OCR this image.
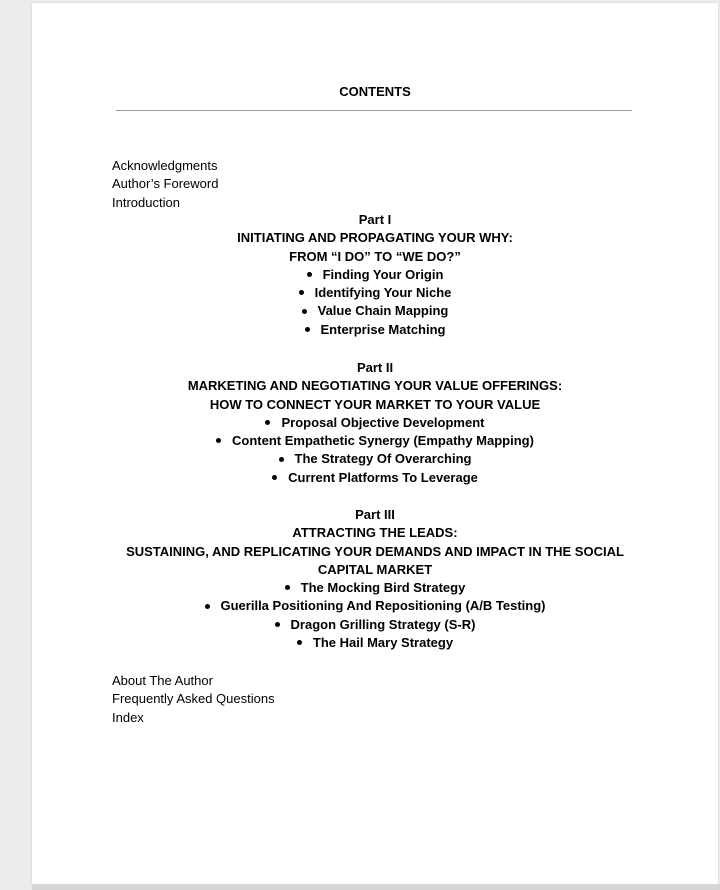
CONTENTS
Acknowledgments
Author’s Foreword
Introduction
Part I
INITIATING AND PROPAGATING YOUR WHY:
FROM “I DO” TO “WE DO?”
Finding Your Origin
Identifying Your Niche
Value Chain Mapping
Enterprise Matching
Part II
MARKETING AND NEGOTIATING YOUR VALUE OFFERINGS:
HOW TO CONNECT YOUR MARKET TO YOUR VALUE
Proposal Objective Development
Content Empathetic Synergy (Empathy Mapping)
The Strategy Of Overarching
Current Platforms To Leverage
Part III
ATTRACTING THE LEADS:
SUSTAINING, AND REPLICATING YOUR DEMANDS AND IMPACT IN THE SOCIAL
CAPITAL MARKET
The Mocking Bird Strategy
Guerilla Positioning And Repositioning (A/B Testing)
Dragon Grilling Strategy (S-R)
The Hail Mary Strategy
About The Author
Frequently Asked Questions
Index
